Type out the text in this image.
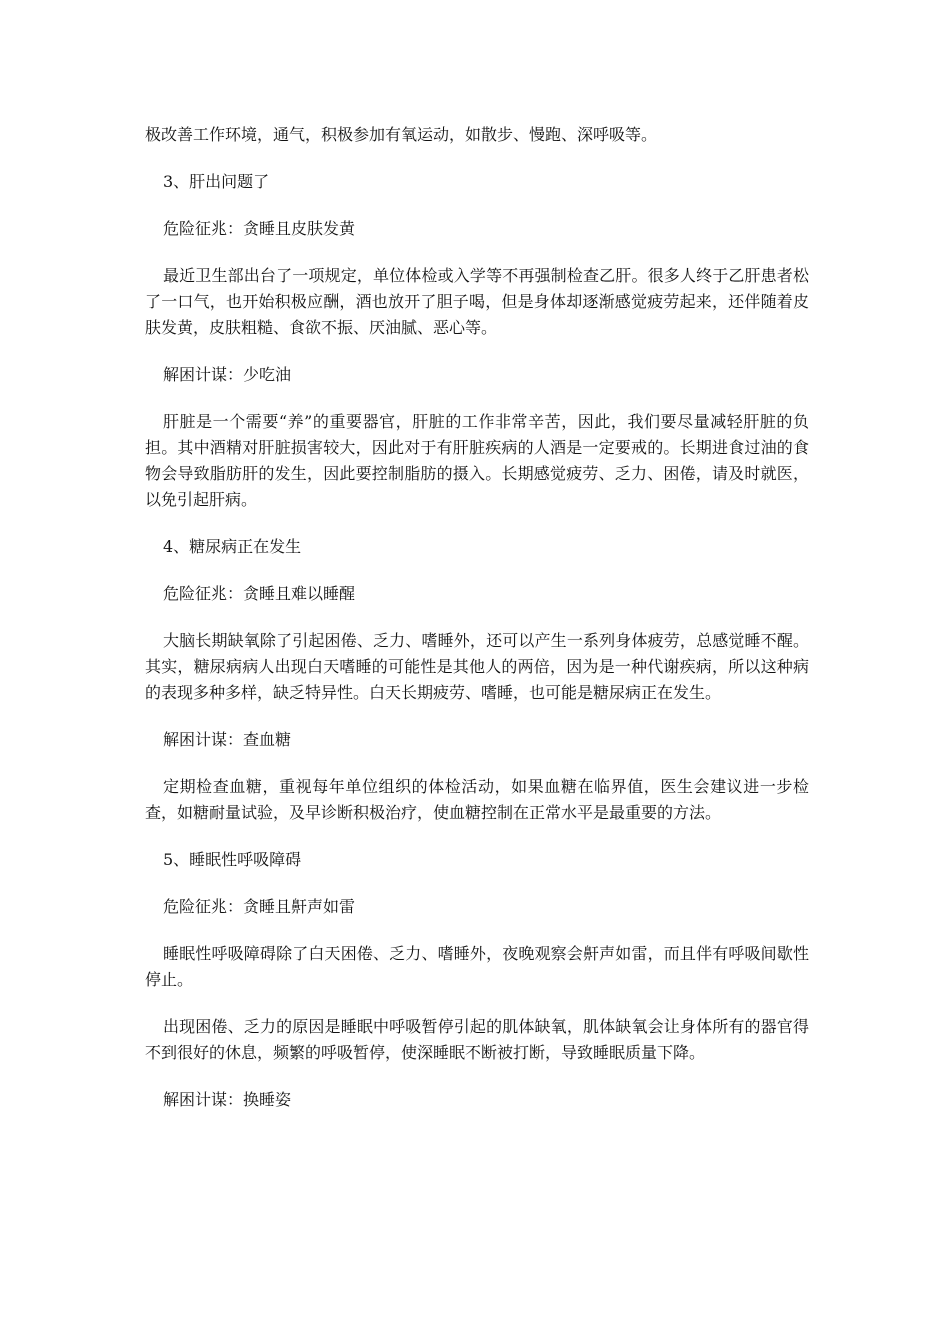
极改善工作环境，通气，积极参加有氧运动，如散步、慢跑、深呼吸等。

3、肝出问题了

危险征兆：贪睡且皮肤发黄

最近卫生部出台了一项规定，单位体检或入学等不再强制检查乙肝。很多人终于乙肝患者松了一口气，也开始积极应酬，酒也放开了胆子喝，但是身体却逐渐感觉疲劳起来，还伴随着皮肤发黄，皮肤粗糙、食欲不振、厌油腻、恶心等。

解困计谋：少吃油

肝脏是一个需要“养”的重要器官，肝脏的工作非常辛苦，因此，我们要尽量减轻肝脏的负担。其中酒精对肝脏损害较大，因此对于有肝脏疾病的人酒是一定要戒的。长期进食过油的食物会导致脂肪肝的发生，因此要控制脂肪的摄入。长期感觉疲劳、乏力、困倦，请及时就医，以免引起肝病。

4、糖尿病正在发生

危险征兆：贪睡且难以睡醒

大脑长期缺氧除了引起困倦、乏力、嗜睡外，还可以产生一系列身体疲劳，总感觉睡不醒。其实，糖尿病病人出现白天嗜睡的可能性是其他人的两倍，因为是一种代谢疾病，所以这种病的表现多种多样，缺乏特异性。白天长期疲劳、嗜睡，也可能是糖尿病正在发生。

解困计谋：查血糖

定期检查血糖，重视每年单位组织的体检活动，如果血糖在临界值，医生会建议进一步检查，如糖耐量试验，及早诊断积极治疗，使血糖控制在正常水平是最重要的方法。

5、睡眠性呼吸障碍

危险征兆：贪睡且鼾声如雷

睡眠性呼吸障碍除了白天困倦、乏力、嗜睡外，夜晚观察会鼾声如雷，而且伴有呼吸间歇性停止。

出现困倦、乏力的原因是睡眠中呼吸暂停引起的肌体缺氧，肌体缺氧会让身体所有的器官得不到很好的休息，频繁的呼吸暂停，使深睡眠不断被打断，导致睡眠质量下降。

解困计谋：换睡姿
